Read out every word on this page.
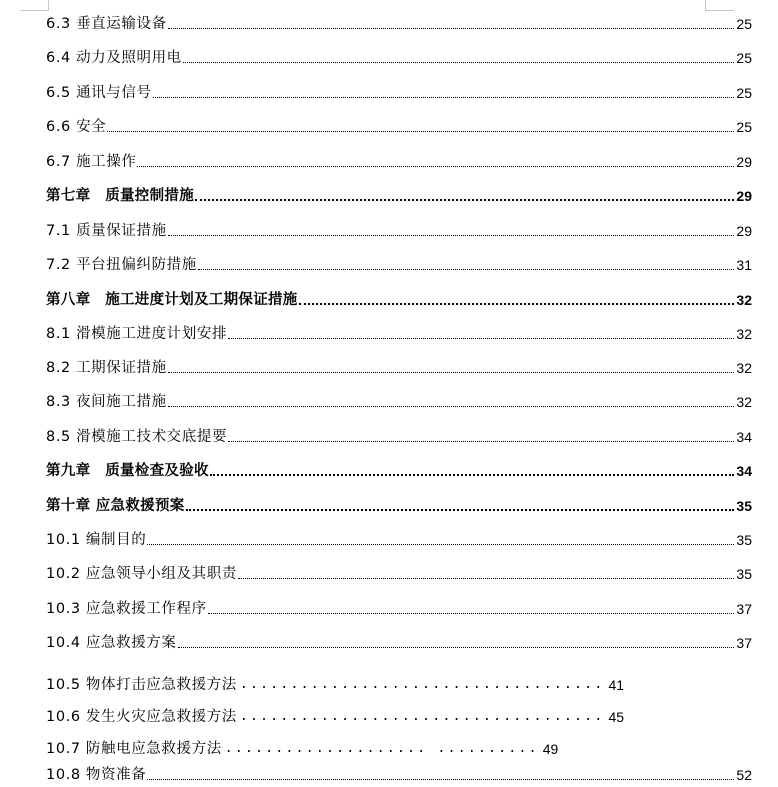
6.3 垂直运输设备	25
6.4 动力及照明用电	25
6.5 通讯与信号	25
6.6 安全	25
6.7 施工操作	29
第七章　质量控制措施	29
7.1 质量保证措施	29
7.2 平台扭偏纠防措施	31
第八章　施工进度计划及工期保证措施	32
8.1 滑模施工进度计划安排	32
8.2 工期保证措施	32
8.3 夜间施工措施	32
8.5 滑模施工技术交底提要	34
第九章　质量检查及验收	34
第十章 应急救援预案	35
10.1 编制目的	35
10.2 应急领导小组及其职责	35
10.3 应急救援工作程序	37
10.4 应急救援方案	37
10.5 物体打击应急救援方法 .................................... 41
10.6 发生火灾应急救援方法 .................................... 45
10.7 防触电应急救援方法 .................... .......... 49
10.8 物资准备	52
